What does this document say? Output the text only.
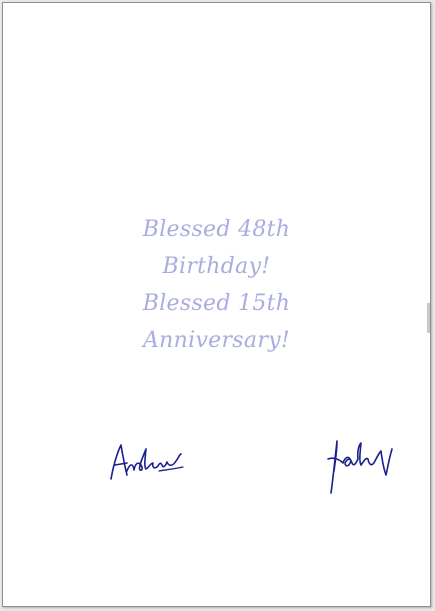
Blessed 48th
Birthday!
Blessed 15th
Anniversary!
